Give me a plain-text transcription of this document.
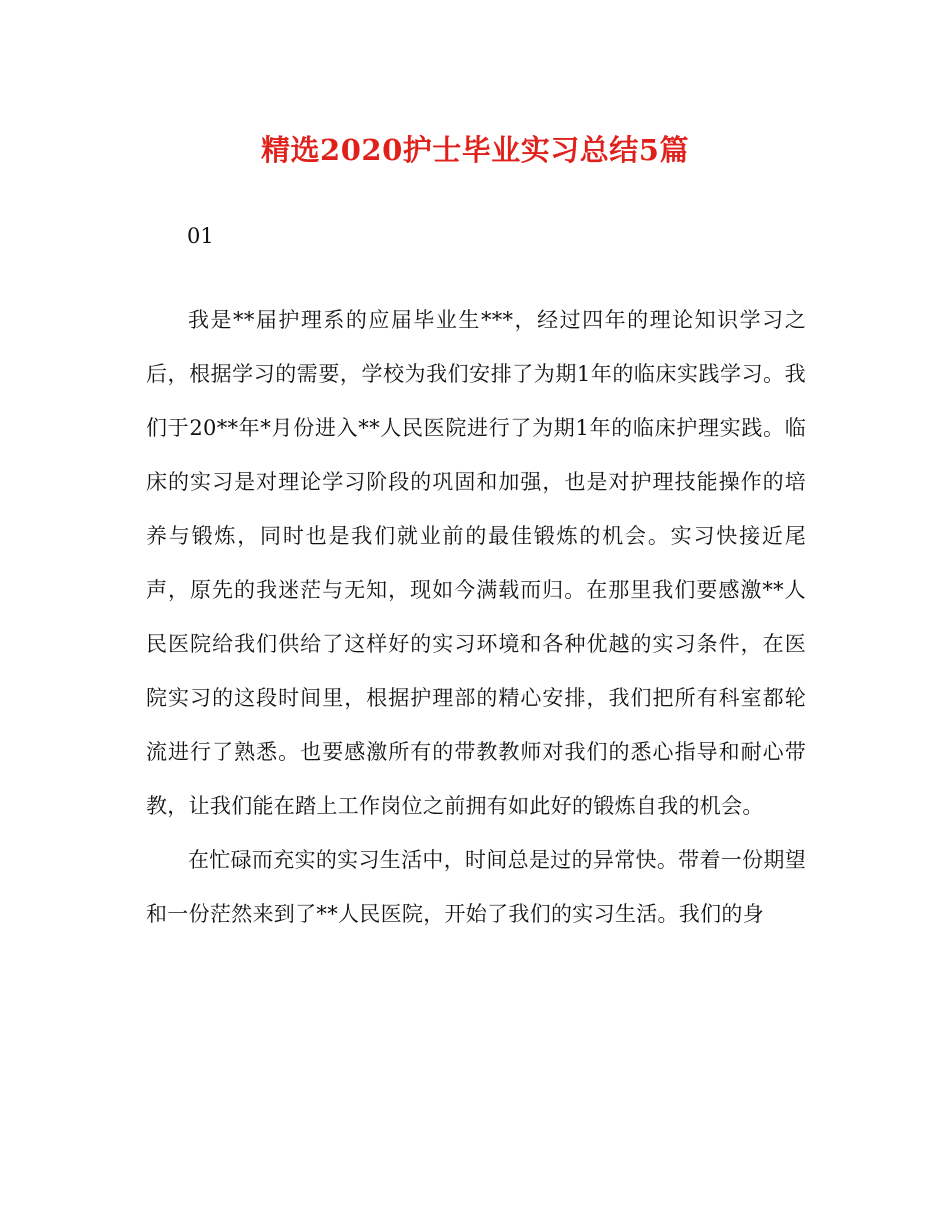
精选2020护士毕业实习总结5篇

01

我是**届护理系的应届毕业生***，经过四年的理论知识学习之后，根据学习的需要，学校为我们安排了为期1年的临床实践学习。我们于20**年*月份进入**人民医院进行了为期1年的临床护理实践。临床的实习是对理论学习阶段的巩固和加强，也是对护理技能操作的培养与锻炼，同时也是我们就业前的最佳锻炼的机会。实习快接近尾声，原先的我迷茫与无知，现如今满载而归。在那里我们要感激**人民医院给我们供给了这样好的实习环境和各种优越的实习条件，在医院实习的这段时间里，根据护理部的精心安排，我们把所有科室都轮流进行了熟悉。也要感激所有的带教教师对我们的悉心指导和耐心带教，让我们能在踏上工作岗位之前拥有如此好的锻炼自我的机会。

在忙碌而充实的实习生活中，时间总是过的异常快。带着一份期望和一份茫然来到了**人民医院，开始了我们的实习生活。我们的身
